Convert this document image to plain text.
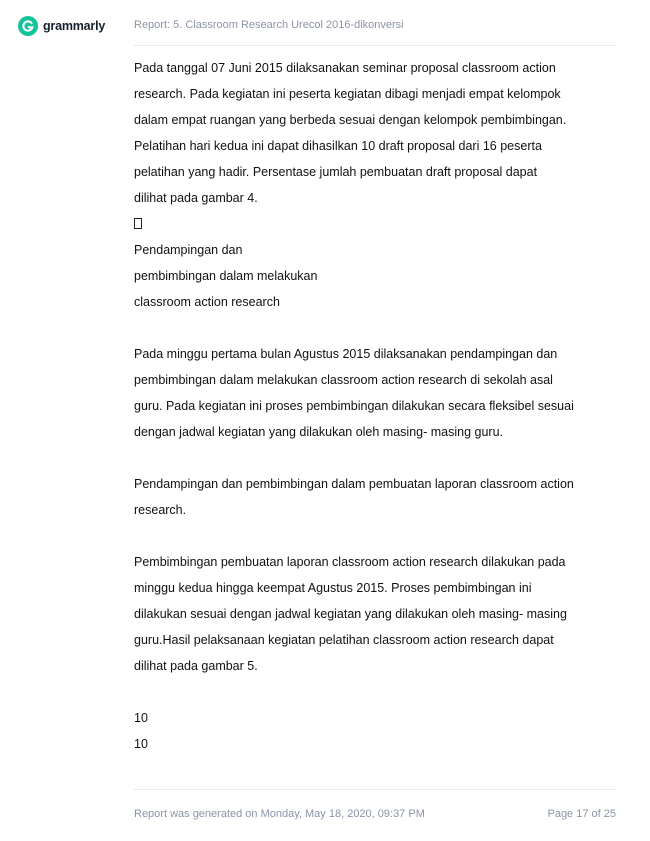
grammarly	Report: 5. Classroom Research Urecol 2016-dikonversi
Pada tanggal 07 Juni 2015 dilaksanakan seminar proposal classroom action
research. Pada kegiatan ini peserta kegiatan dibagi menjadi empat kelompok
dalam empat ruangan yang berbeda sesuai dengan kelompok pembimbingan.
Pelatihan hari kedua ini dapat dihasilkan 10 draft proposal dari 16 peserta
pelatihan yang hadir. Persentase jumlah pembuatan draft proposal dapat
dilihat pada gambar 4.
Pendampingan dan
pembimbingan dalam melakukan
classroom action research
Pada minggu pertama bulan Agustus 2015 dilaksanakan pendampingan dan
pembimbingan dalam melakukan classroom action research di sekolah asal
guru. Pada kegiatan ini proses pembimbingan dilakukan secara fleksibel sesuai
dengan jadwal kegiatan yang dilakukan oleh masing- masing guru.
Pendampingan dan pembimbingan dalam pembuatan laporan classroom action
research.
Pembimbingan pembuatan laporan classroom action research dilakukan pada
minggu kedua hingga keempat Agustus 2015. Proses pembimbingan ini
dilakukan sesuai dengan jadwal kegiatan yang dilakukan oleh masing- masing
guru.Hasil pelaksanaan kegiatan pelatihan classroom action research dapat
dilihat pada gambar 5.
10
10
Report was generated on Monday, May 18, 2020, 09:37 PM	Page 17 of 25
